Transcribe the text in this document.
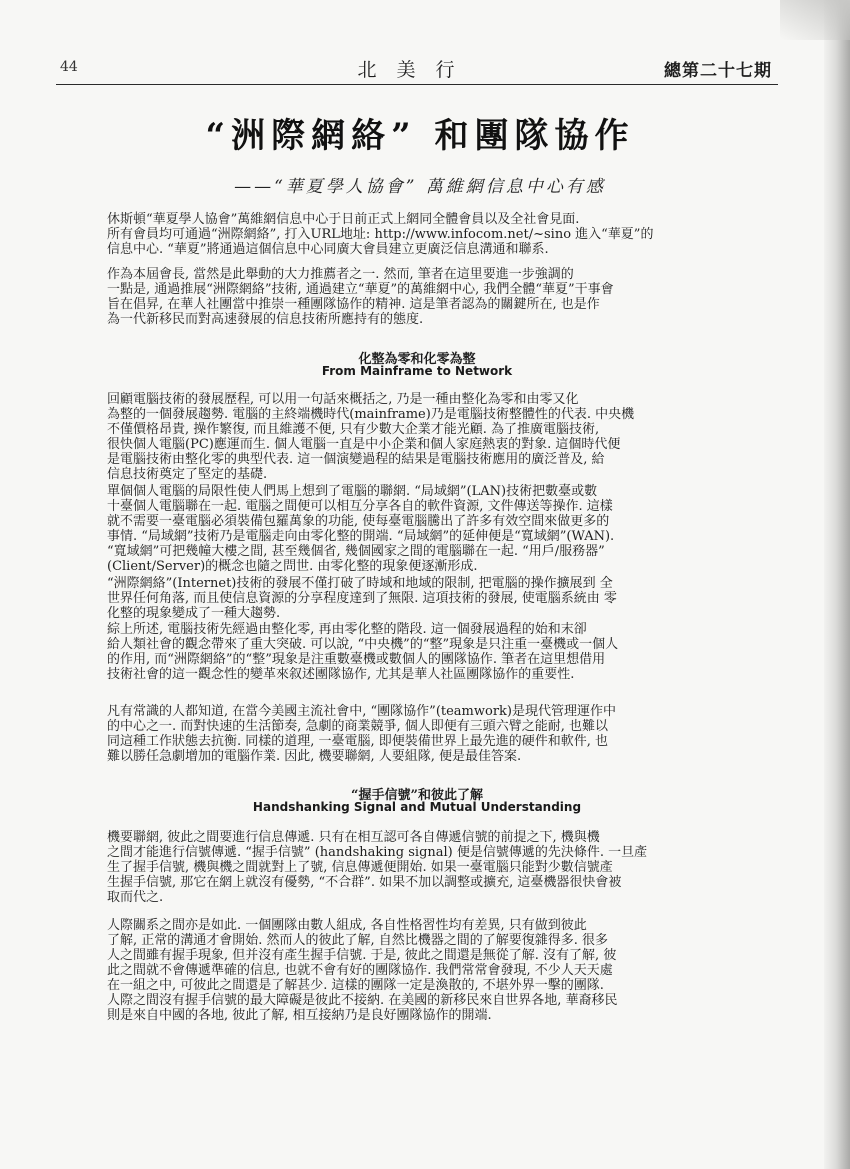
44	北美行	總第二十七期
“洲際網絡” 和團隊協作
——“華夏學人協會” 萬維網信息中心有感

休斯頓“華夏學人協會”萬維網信息中心于日前正式上網同全體會員以及全社會見面.
所有會員均可通過“洲際網絡”, 打入URL地址: http://www.infocom.net/~sino 進入“華夏”的
信息中心. “華夏”將通過這個信息中心同廣大會員建立更廣泛信息溝通和聯系.

作為本屆會長, 當然是此舉動的大力推薦者之一. 然而, 筆者在這里要進一步強調的
一點是, 通過推展“洲際網絡”技術, 通過建立“華夏”的萬維網中心, 我們全體“華夏”干事會
旨在倡昇, 在華人社團當中推崇一種團隊協作的精神. 這是筆者認為的關鍵所在, 也是作
為一代新移民而對高速發展的信息技術所應持有的態度.

化整為零和化零為整
From Mainframe to Network

回顧電腦技術的發展歷程, 可以用一句話來概括之, 乃是一種由整化為零和由零又化
為整的一個發展趨勢. 電腦的主終端機時代(mainframe)乃是電腦技術整體性的代表. 中央機
不僅價格昂貴, 操作繁復, 而且維護不便, 只有少數大企業才能光顧. 為了推廣電腦技術,
很快個人電腦(PC)應運而生. 個人電腦一直是中小企業和個人家庭熱衷的對象. 這個時代便
是電腦技術由整化零的典型代表. 這一個演變過程的結果是電腦技術應用的廣泛普及, 給
信息技術奠定了堅定的基礎.

單個個人電腦的局限性使人們馬上想到了電腦的聯網. “局域網”(LAN)技術把數臺或數
十臺個人電腦聯在一起. 電腦之間便可以相互分享各自的軟件資源, 文件傳送等操作. 這樣
就不需要一臺電腦必須裝備包羅萬象的功能, 使每臺電腦騰出了許多有效空間來做更多的
事情. “局域網”技術乃是電腦走向由零化整的開端. “局域網”的延伸便是“寬域網”(WAN).
“寬域網”可把幾幢大樓之間, 甚至幾個省, 幾個國家之間的電腦聯在一起. “用戶/服務器”
(Client/Server)的概念也隨之問世. 由零化整的現象便逐漸形成.

“洲際網絡”(Internet)技術的發展不僅打破了時域和地域的限制, 把電腦的操作擴展到 全
世界任何角落, 而且使信息資源的分享程度達到了無限. 這項技術的發展, 使電腦系統由 零
化整的現象變成了一種大趨勢.

綜上所述, 電腦技術先經過由整化零, 再由零化整的階段. 這一個發展過程的始和末卻
給人類社會的觀念帶來了重大突破. 可以說, “中央機”的“整”現象是只注重一臺機或一個人
的作用, 而“洲際網絡”的“整”現象是注重數臺機或數個人的團隊協作. 筆者在這里想借用
技術社會的這一觀念性的變革來叙述團隊協作, 尤其是華人社區團隊協作的重要性.

凡有常識的人都知道, 在當今美國主流社會中, “團隊協作”(teamwork)是現代管理運作中
的中心之一. 而對快速的生活節奏, 急劇的商業競爭, 個人即便有三頭六臂之能耐, 也難以
同這種工作狀態去抗衡. 同樣的道理, 一臺電腦, 即便裝備世界上最先進的硬件和軟件, 也
難以勝任急劇增加的電腦作業. 因此, 機要聯網, 人要組隊, 便是最佳答案.

“握手信號”和彼此了解
Handshanking Signal and Mutual Understanding

機要聯網, 彼此之間要進行信息傳遞. 只有在相互認可各自傳遞信號的前提之下, 機與機
之間才能進行信號傳遞. “握手信號” (handshaking signal) 便是信號傳遞的先決條件. 一旦產
生了握手信號, 機與機之間就對上了號, 信息傳遞便開始. 如果一臺電腦只能對少數信號產
生握手信號, 那它在網上就沒有優勢, “不合群”. 如果不加以調整或擴充, 這臺機器很快會被
取而代之.

人際關系之間亦是如此. 一個團隊由數人組成, 各自性格習性均有差異, 只有做到彼此
了解, 正常的溝通才會開始. 然而人的彼此了解, 自然比機器之間的了解要復雜得多. 很多
人之間雖有握手現象, 但并沒有產生握手信號. 于是, 彼此之間還是無從了解. 沒有了解, 彼
此之間就不會傳遞準確的信息, 也就不會有好的團隊協作. 我們常常會發現, 不少人天天處
在一組之中, 可彼此之間還是了解甚少. 這樣的團隊一定是渙散的, 不堪外界一擊的團隊.
人際之間沒有握手信號的最大障礙是彼此不接納. 在美國的新移民來自世界各地, 華裔移民
則是來自中國的各地, 彼此了解, 相互接納乃是良好團隊協作的開端.
